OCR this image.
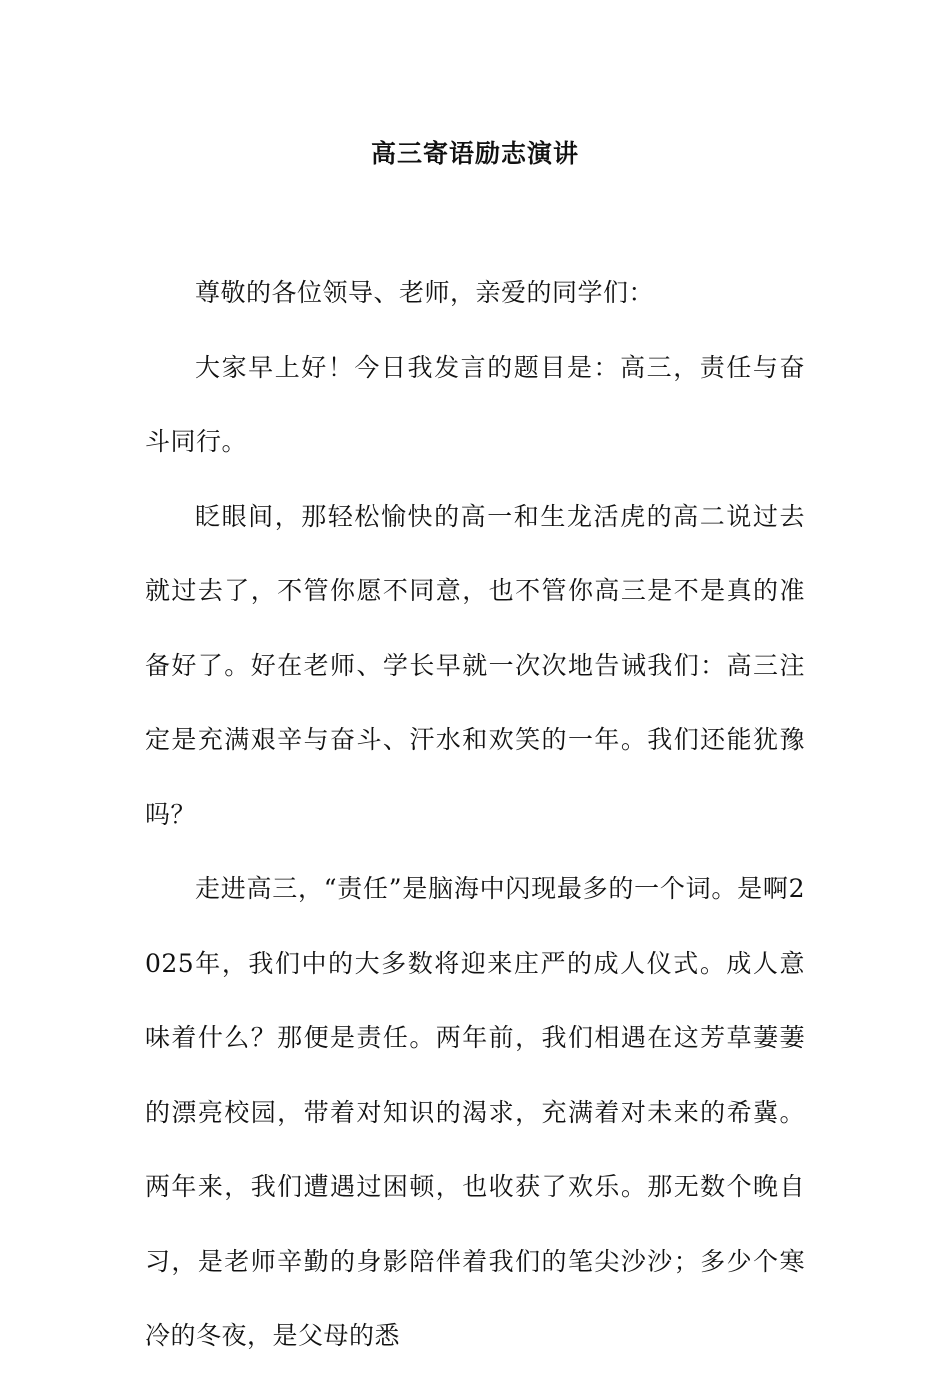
高三寄语励志演讲

尊敬的各位领导、老师，亲爱的同学们：

大家早上好！今日我发言的题目是：高三，责任与奋斗同行。

眨眼间，那轻松愉快的高一和生龙活虎的高二说过去就过去了，不管你愿不同意，也不管你高三是不是真的准备好了。好在老师、学长早就一次次地告诫我们：高三注定是充满艰辛与奋斗、汗水和欢笑的一年。我们还能犹豫吗？

走进高三，“责任”是脑海中闪现最多的一个词。是啊2025年，我们中的大多数将迎来庄严的成人仪式。成人意味着什么？那便是责任。两年前，我们相遇在这芳草萋萋的漂亮校园，带着对知识的渴求，充满着对未来的希冀。两年来，我们遭遇过困顿，也收获了欢乐。那无数个晚自习，是老师辛勤的身影陪伴着我们的笔尖沙沙；多少个寒冷的冬夜，是父母的悉
